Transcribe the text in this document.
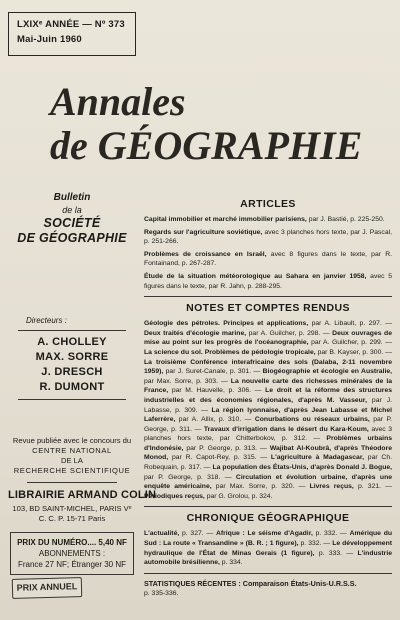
LXIXᵉ ANNÉE — Nº 373
Mai-Juin 1960
Annales
de GÉOGRAPHIE
Bulletin
de la
SOCIÉTÉ
DE GÉOGRAPHIE
Directeurs :
A. CHOLLEY
MAX. SORRE
J. DRESCH
R. DUMONT
Revue publiée avec le concours du
CENTRE NATIONAL
DE LA
RECHERCHE SCIENTIFIQUE
LIBRAIRIE ARMAND COLIN
103, BD SAINT-MICHEL, PARIS Vᵉ
C. C. P. 15-71 Paris
PRIX DU NUMÉRO.... 5,40 NF
ABONNEMENTS :
France 27 NF; Étranger 30 NF
PRIX ANNUEL
ARTICLES
Capital immobilier et marché immobilier parisiens, par J. Bastié, p. 225-250.
Regards sur l'agriculture soviétique, avec 3 planches hors texte, par J. Pascal, p. 251-266.
Problèmes de croissance en Israël, avec 8 figures dans le texte, par R. Fontainand, p. 267-287.
Étude de la situation météorologique au Sahara en janvier 1958, avec 5 figures dans le texte, par R. Jahn, p. 288-295.
NOTES ET COMPTES RENDUS
Géologie des pétroles. Principes et applications, par A. Libault, p. 297. — Deux traités d'écologie marine, par A. Guilcher, p. 298. — Deux ouvrages de mise au point sur les progrès de l'océanographie, par A. Guilcher, p. 299. — La science du sol. Problèmes de pédologie tropicale, par B. Kayser, p. 300. — La troisième Conférence interafricaine des sols (Dalaba, 2-11 novembre 1959), par J. Suret-Canale, p. 301. — Biogéographie et écologie en Australie, par Max. Sorre, p. 303. — La nouvelle carte des richesses minérales de la France, par M. Hauvelle, p. 306. — Le droit et la réforme des structures industrielles et des économies régionales, d'après M. Vasseur, par J. Labasse, p. 309. — La région lyonnaise, d'après Jean Labasse et Michel Laferrère, par A. Allix, p. 310. — Conurbations ou réseaux urbains, par P. George, p. 311. — Travaux d'irrigation dans le désert du Kara-Koum, avec 3 planches hors texte, par Chitterbokov, p. 312. — Problèmes urbains d'Indonésie, par P. George, p. 313. — Wajibat Al-Koubrâ, d'après Théodore Monod, par R. Capot-Rey, p. 315. — L'agriculture à Madagascar, par Ch. Robequain, p. 317. — La population des États-Unis, d'après Donald J. Bogue, par P. George, p. 318. — Circulation et évolution urbaine, d'après une enquête américaine, par Max. Sorre, p. 320. — Livres reçus, p. 321. — Périodiques reçus, par G. Grolou, p. 324.
CHRONIQUE GÉOGRAPHIQUE
L'actualité, p. 327. — Afrique : Le séisme d'Agadir, p. 332. — Amérique du Sud : La route « Transandine » (B. R. ; 1 figure), p. 332. — Le développement hydraulique de l'État de Minas Gerais (1 figure), p. 333. — L'industrie automobile brésilienne, p. 334.
STATISTIQUES RÉCENTES : Comparaison États-Unis-U.R.S.S.
p. 335-336.
